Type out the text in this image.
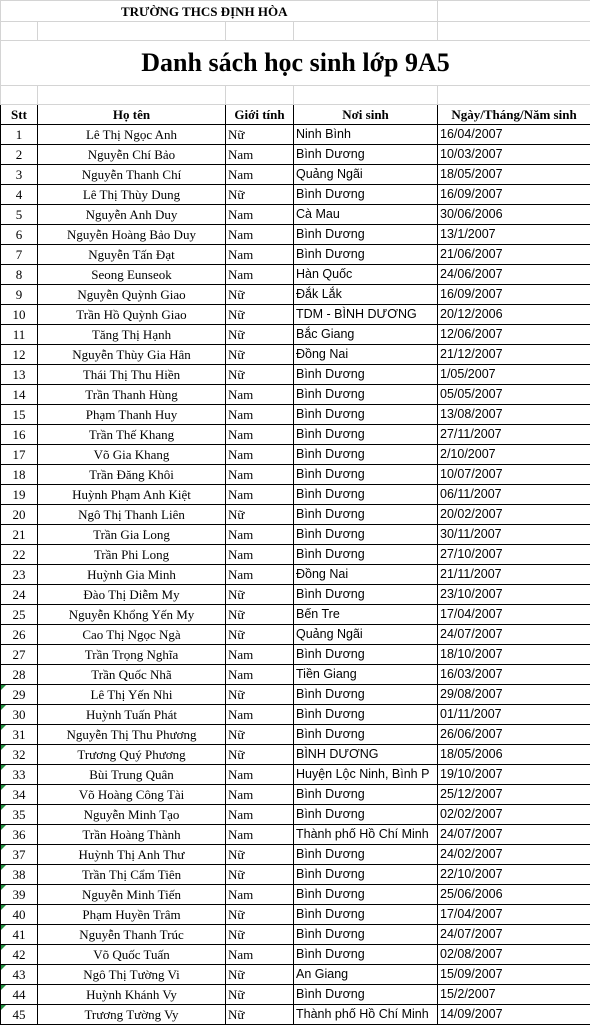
TRƯỜNG THCS ĐỊNH HÒA				

Danh sách học sinh lớp 9A5				

Stt	Họ tên	Giới tính	Nơi sinh	Ngày/Tháng/Năm sinh
1	Lê Thị Ngọc Anh	Nữ	Ninh Bình	16/04/2007
2	Nguyễn Chí Bảo	Nam	Bình Dương	10/03/2007
3	Nguyễn Thanh Chí	Nam	Quảng Ngãi	18/05/2007
4	Lê Thị Thùy Dung	Nữ	Bình Dương	16/09/2007
5	Nguyễn Anh Duy	Nam	Cà Mau	30/06/2006
6	Nguyễn Hoàng Bảo Duy	Nam	Bình Dương	13/1/2007
7	Nguyễn Tấn Đạt	Nam	Bình Dương	21/06/2007
8	Seong Eunseok	Nam	Hàn Quốc	24/06/2007
9	Nguyễn Quỳnh Giao	Nữ	Đắk Lắk	16/09/2007
10	Trần Hồ Quỳnh Giao	Nữ	TDM - BÌNH DƯƠNG	20/12/2006
11	Tăng Thị Hạnh	Nữ	Bắc Giang	12/06/2007
12	Nguyễn Thùy Gia Hân	Nữ	Đồng Nai	21/12/2007
13	Thái Thị Thu Hiền	Nữ	Bình Dương	1/05/2007
14	Trần Thanh Hùng	Nam	Bình Dương	05/05/2007
15	Phạm Thanh Huy	Nam	Bình Dương	13/08/2007
16	Trần Thế Khang	Nam	Bình Dương	27/11/2007
17	Võ Gia Khang	Nam	Bình Dương	2/10/2007
18	Trần Đăng Khôi	Nam	Bình Dương	10/07/2007
19	Huỳnh Phạm Anh Kiệt	Nam	Bình Dương	06/11/2007
20	Ngô Thị Thanh Liên	Nữ	Bình Dương	20/02/2007
21	Trần Gia Long	Nam	Bình Dương	30/11/2007
22	Trần Phi Long	Nam	Bình Dương	27/10/2007
23	Huỳnh Gia Minh	Nam	Đồng Nai	21/11/2007
24	Đào Thị Diễm My	Nữ	Bình Dương	23/10/2007
25	Nguyễn Khổng Yến My	Nữ	Bến Tre	17/04/2007
26	Cao Thị Ngọc Ngà	Nữ	Quảng Ngãi	24/07/2007
27	Trần Trọng Nghĩa	Nam	Bình Dương	18/10/2007
28	Trần Quốc Nhã	Nam	Tiền Giang	16/03/2007
29	Lê Thị Yến Nhi	Nữ	Bình Dương	29/08/2007
30	Huỳnh Tuấn Phát	Nam	Bình Dương	01/11/2007
31	Nguyễn Thị Thu Phương	Nữ	Bình Dương	26/06/2007
32	Trương Quý Phương	Nữ	BÌNH DƯƠNG	18/05/2006
33	Bùi Trung Quân	Nam	Huyện Lộc Ninh, Bình P	19/10/2007
34	Võ Hoàng Công Tài	Nam	Bình Dương	25/12/2007
35	Nguyễn Minh Tạo	Nam	Bình Dương	02/02/2007
36	Trần Hoàng Thành	Nam	Thành phố Hồ Chí Minh	24/07/2007
37	Huỳnh Thị Anh Thư	Nữ	Bình Dương	24/02/2007
38	Trần Thị Cẩm Tiên	Nữ	Bình Dương	22/10/2007
39	Nguyễn Minh Tiến	Nam	Bình Dương	25/06/2006
40	Phạm Huyền Trâm	Nữ	Bình Dương	17/04/2007
41	Nguyễn Thanh Trúc	Nữ	Bình Dương	24/07/2007
42	Võ Quốc Tuấn	Nam	Bình Dương	02/08/2007
43	Ngô Thị Tường Vi	Nữ	An Giang	15/09/2007
44	Huỳnh Khánh Vy	Nữ	Bình Dương	15/2/2007
45	Trương Tường Vy	Nữ	Thành phố Hồ Chí Minh	14/09/2007
